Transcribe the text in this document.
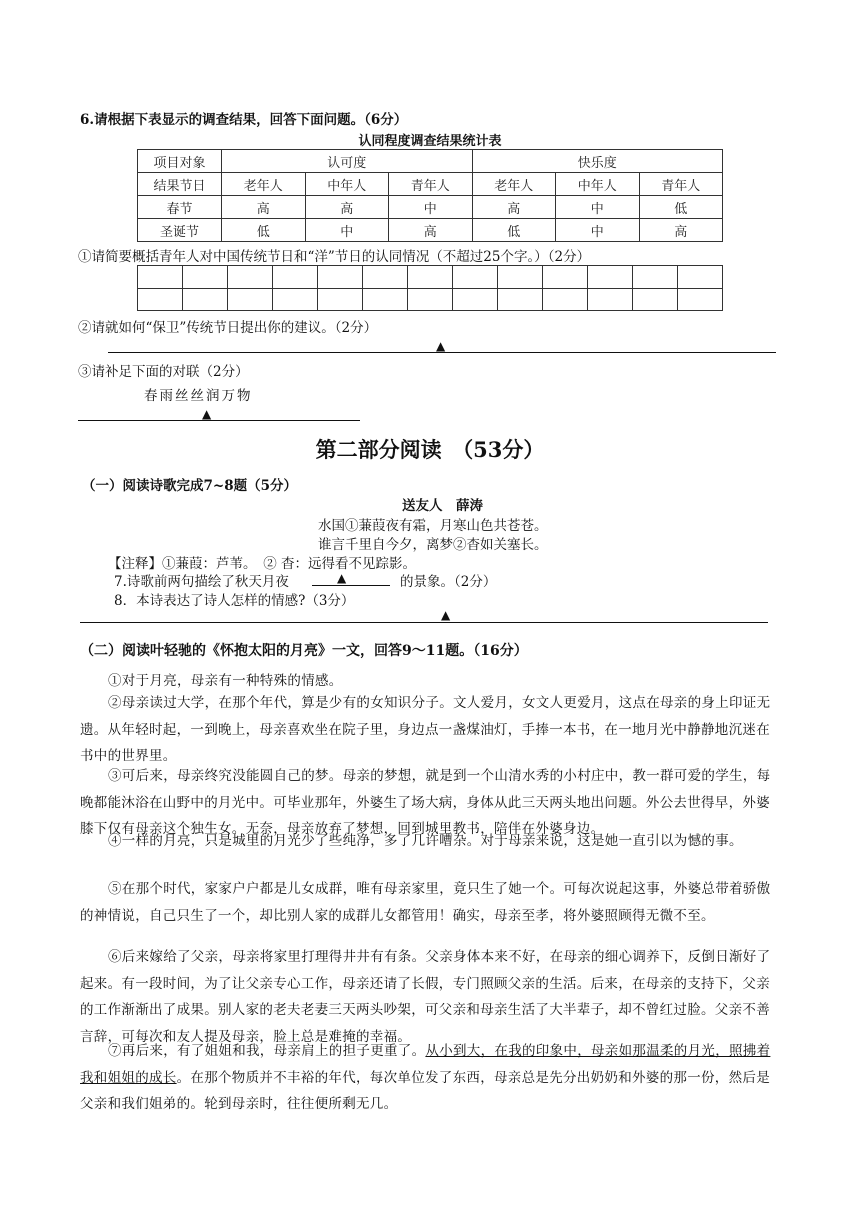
6.请根据下表显示的调查结果，回答下面问题。（6分）
认同程度调查结果统计表
项目对象	认可度			快乐度		
结果节日	老年人	中年人	青年人	老年人	中年人	青年人
春节	高	高	中	高	中	低
圣诞节	低	中	高	低	中	高
①请简要概括青年人对中国传统节日和“洋”节日的认同情况（不超过25个字。）（2分）

②请就如何“保卫”传统节日提出你的建议。（2分）
▲
③请补足下面的对联（2分）
春雨丝丝润万物
▲
第二部分阅读　（53分）
（一）阅读诗歌完成7~8题（5分）
送友人　薛涛
水国①蒹葭夜有霜，月寒山色共苍苍。
谁言千里自今夕，离梦②杳如关塞长。
【注释】①蒹葭：芦苇。　② 杳：远得看不见踪影。
7.诗歌前两句描绘了秋天月夜	▲	的景象。（2分）
8．本诗表达了诗人怎样的情感?（3分）
▲
（二）阅读叶轻驰的《怀抱太阳的月亮》一文，回答9～11题。（16分）
①对于月亮，母亲有一种特殊的情感。
②母亲读过大学，在那个年代，算是少有的女知识分子。文人爱月，女文人更爱月，这点在母亲的身上印证无遗。从年轻时起，一到晚上，母亲喜欢坐在院子里，身边点一盏煤油灯，手捧一本书，在一地月光中静静地沉迷在书中的世界里。
③可后来，母亲终究没能圆自己的梦。母亲的梦想，就是到一个山清水秀的小村庄中，教一群可爱的学生，每晚都能沐浴在山野中的月光中。可毕业那年，外婆生了场大病，身体从此三天两头地出问题。外公去世得早，外婆膝下仅有母亲这个独生女。无奈，母亲放弃了梦想，回到城里教书，陪伴在外婆身边。
④一样的月亮，只是城里的月光少了些纯净，多了几许嘈杂。对于母亲来说，这是她一直引以为憾的事。
⑤在那个时代，家家户户都是儿女成群，唯有母亲家里，竟只生了她一个。可每次说起这事，外婆总带着骄傲的神情说，自己只生了一个，却比别人家的成群儿女都管用！确实，母亲至孝，将外婆照顾得无微不至。
⑥后来嫁给了父亲，母亲将家里打理得井井有有条。父亲身体本来不好，在母亲的细心调养下，反倒日渐好了起来。有一段时间，为了让父亲专心工作，母亲还请了长假，专门照顾父亲的生活。后来，在母亲的支持下，父亲的工作渐渐出了成果。别人家的老夫老妻三天两头吵架，可父亲和母亲生活了大半辈子，却不曾红过脸。父亲不善言辞，可每次和友人提及母亲，脸上总是难掩的幸福。
⑦再后来，有了姐姐和我，母亲肩上的担子更重了。从小到大，在我的印象中，母亲如那温柔的月光，照拂着我和姐姐的成长。在那个物质并不丰裕的年代，每次单位发了东西，母亲总是先分出奶奶和外婆的那一份，然后是父亲和我们姐弟的。轮到母亲时，往往便所剩无几。
